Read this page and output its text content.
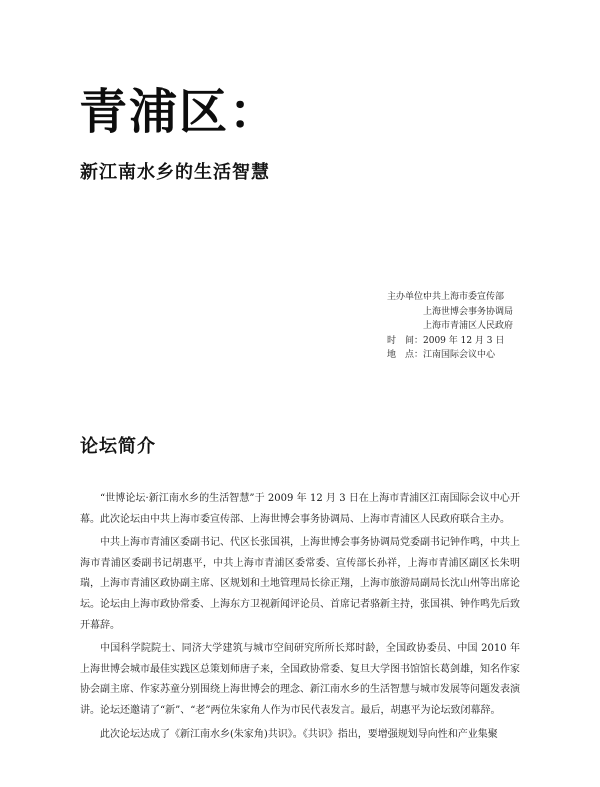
青浦区：
新江南水乡的生活智慧
主办单位：
中共上海市委宣传部
上海世博会事务协调局
上海市青浦区人民政府
时　间： 2009 年 12 月 3 日
地　点： 江南国际会议中心
论坛简介

“世博论坛·新江南水乡的生活智慧”于 2009 年 12 月 3 日在上海市青浦区江南国际会议中心开幕。此次论坛由中共上海市委宣传部、上海世博会事务协调局、上海市青浦区人民政府联合主办。

中共上海市青浦区委副书记、代区长张国祺，上海世博会事务协调局党委副书记钟作鸣，中共上海市青浦区委副书记胡惠平，中共上海市青浦区委常委、宣传部长孙祥，上海市青浦区副区长朱明瑞，上海市青浦区政协副主席、区规划和土地管理局长徐正翔，上海市旅游局副局长沈山州等出席论坛。论坛由上海市政协常委、上海东方卫视新闻评论员、首席记者骆新主持，张国祺、钟作鸣先后致开幕辞。

中国科学院院士、同济大学建筑与城市空间研究所所长郑时龄，全国政协委员、中国 2010 年上海世博会城市最佳实践区总策划师唐子来，全国政协常委、复旦大学图书馆馆长葛剑雄，知名作家协会副主席、作家苏童分别围绕上海世博会的理念、新江南水乡的生活智慧与城市发展等问题发表演讲。论坛还邀请了“新”、“老”两位朱家角人作为市民代表发言。最后，胡惠平为论坛致闭幕辞。

此次论坛达成了《新江南水乡(朱家角)共识》。《共识》指出，要增强规划导向性和产业集聚
